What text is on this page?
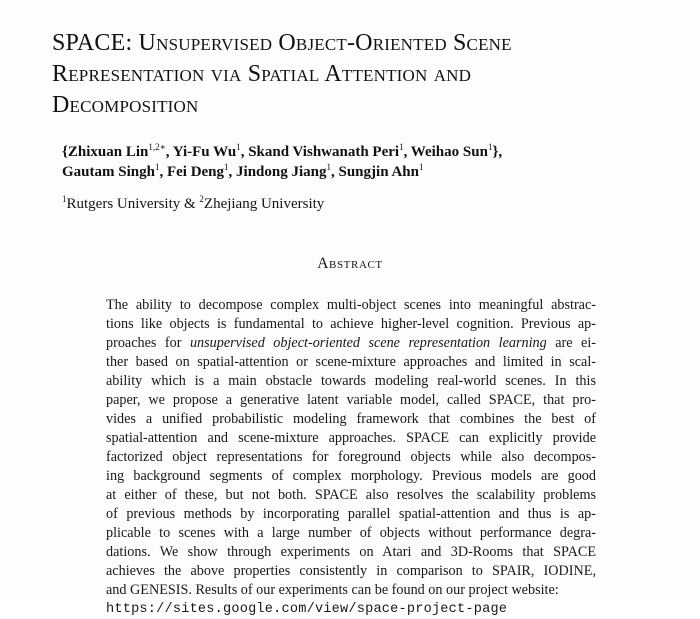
SPACE: Unsupervised Object-Oriented Scene
Representation via Spatial Attention and
Decomposition
{Zhixuan Lin$^{1,2∗}$, Yi-Fu Wu$^1$, Skand Vishwanath Peri$^1$, Weihao Sun$^1$},
Gautam Singh$^1$, Fei Deng$^1$, Jindong Jiang$^1$, Sungjin Ahn$^1$
$^1$Rutgers University & $^2$Zhejiang University
Abstract
The ability to decompose complex multi-object scenes into meaningful abstrac-
tions like objects is fundamental to achieve higher-level cognition. Previous ap-
proaches for unsupervised object-oriented scene representation learning are ei-
ther based on spatial-attention or scene-mixture approaches and limited in scal-
ability which is a main obstacle towards modeling real-world scenes. In this
paper, we propose a generative latent variable model, called SPACE, that pro-
vides a unified probabilistic modeling framework that combines the best of
spatial-attention and scene-mixture approaches. SPACE can explicitly provide
factorized object representations for foreground objects while also decompos-
ing background segments of complex morphology. Previous models are good
at either of these, but not both. SPACE also resolves the scalability problems
of previous methods by incorporating parallel spatial-attention and thus is ap-
plicable to scenes with a large number of objects without performance degra-
dations. We show through experiments on Atari and 3D-Rooms that SPACE
achieves the above properties consistently in comparison to SPAIR, IODINE,
and GENESIS. Results of our experiments can be found on our project website:
https://sites.google.com/view/space-project-page
